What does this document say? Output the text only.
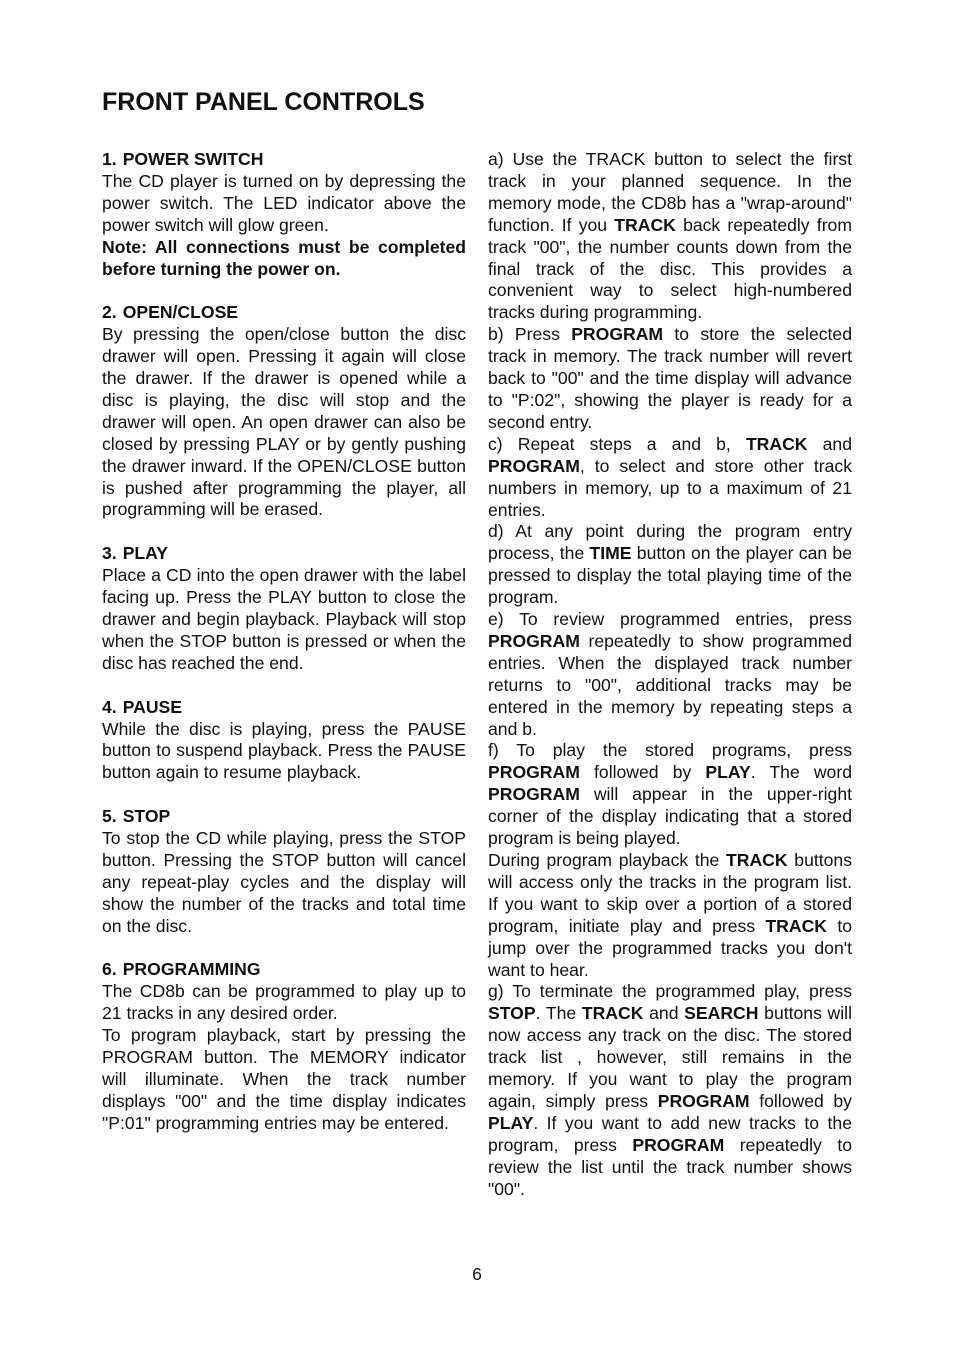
FRONT PANEL CONTROLS

1. POWER SWITCH

The CD player is turned on by depressing the power switch. The LED indicator above the power switch will glow green.

Note: All connections must be completed before turning the power on.

2. OPEN/CLOSE

By pressing the open/close button the disc drawer will open. Pressing it again will close the drawer. If the drawer is opened while a disc is playing, the disc will stop and the drawer will open. An open drawer can also be closed by pressing PLAY or by gently pushing the drawer inward. If the OPEN/CLOSE button is pushed after programming the player, all programming will be erased.

3. PLAY

Place a CD into the open drawer with the label facing up. Press the PLAY button to close the drawer and begin playback. Playback will stop when the STOP button is pressed or when the disc has reached the end.

4. PAUSE

While the disc is playing, press the PAUSE button to suspend playback. Press the PAUSE button again to resume playback.

5. STOP

To stop the CD while playing, press the STOP button. Pressing the STOP button will cancel any repeat-play cycles and the display will show the number of the tracks and total time on the disc.

6. PROGRAMMING

The CD8b can be programmed to play up to 21 tracks in any desired order.

To program playback, start by pressing the PROGRAM button. The MEMORY indicator will illuminate. When the track number displays "00" and the time display indicates "P:01" programming entries may be entered.

a) Use the TRACK button to select the first track in your planned sequence. In the memory mode, the CD8b has a "wrap-around" function. If you TRACK back repeatedly from track "00", the number counts down from the final track of the disc. This provides a convenient way to select high-numbered tracks during programming.

b) Press PROGRAM to store the selected track in memory. The track number will revert back to "00" and the time display will advance to "P:02", showing the player is ready for a second entry.

c) Repeat steps a and b, TRACK and PROGRAM, to select and store other track numbers in memory, up to a maximum of 21 entries.

d) At any point during the program entry process, the TIME button on the player can be pressed to display the total playing time of the program.

e) To review programmed entries, press PROGRAM repeatedly to show programmed entries. When the displayed track number returns to "00", additional tracks may be entered in the memory by repeating steps a and b.

f) To play the stored programs, press PROGRAM followed by PLAY. The word PROGRAM will appear in the upper-right corner of the display indicating that a stored program is being played.

During program playback the TRACK buttons will access only the tracks in the program list. If you want to skip over a portion of a stored program, initiate play and press TRACK to jump over the programmed tracks you don't want to hear.

g) To terminate the programmed play, press STOP. The TRACK and SEARCH buttons will now access any track on the disc. The stored track list , however, still remains in the memory. If you want to play the program again, simply press PROGRAM followed by PLAY. If you want to add new tracks to the program, press PROGRAM repeatedly to review the list until the track number shows "00".

6
